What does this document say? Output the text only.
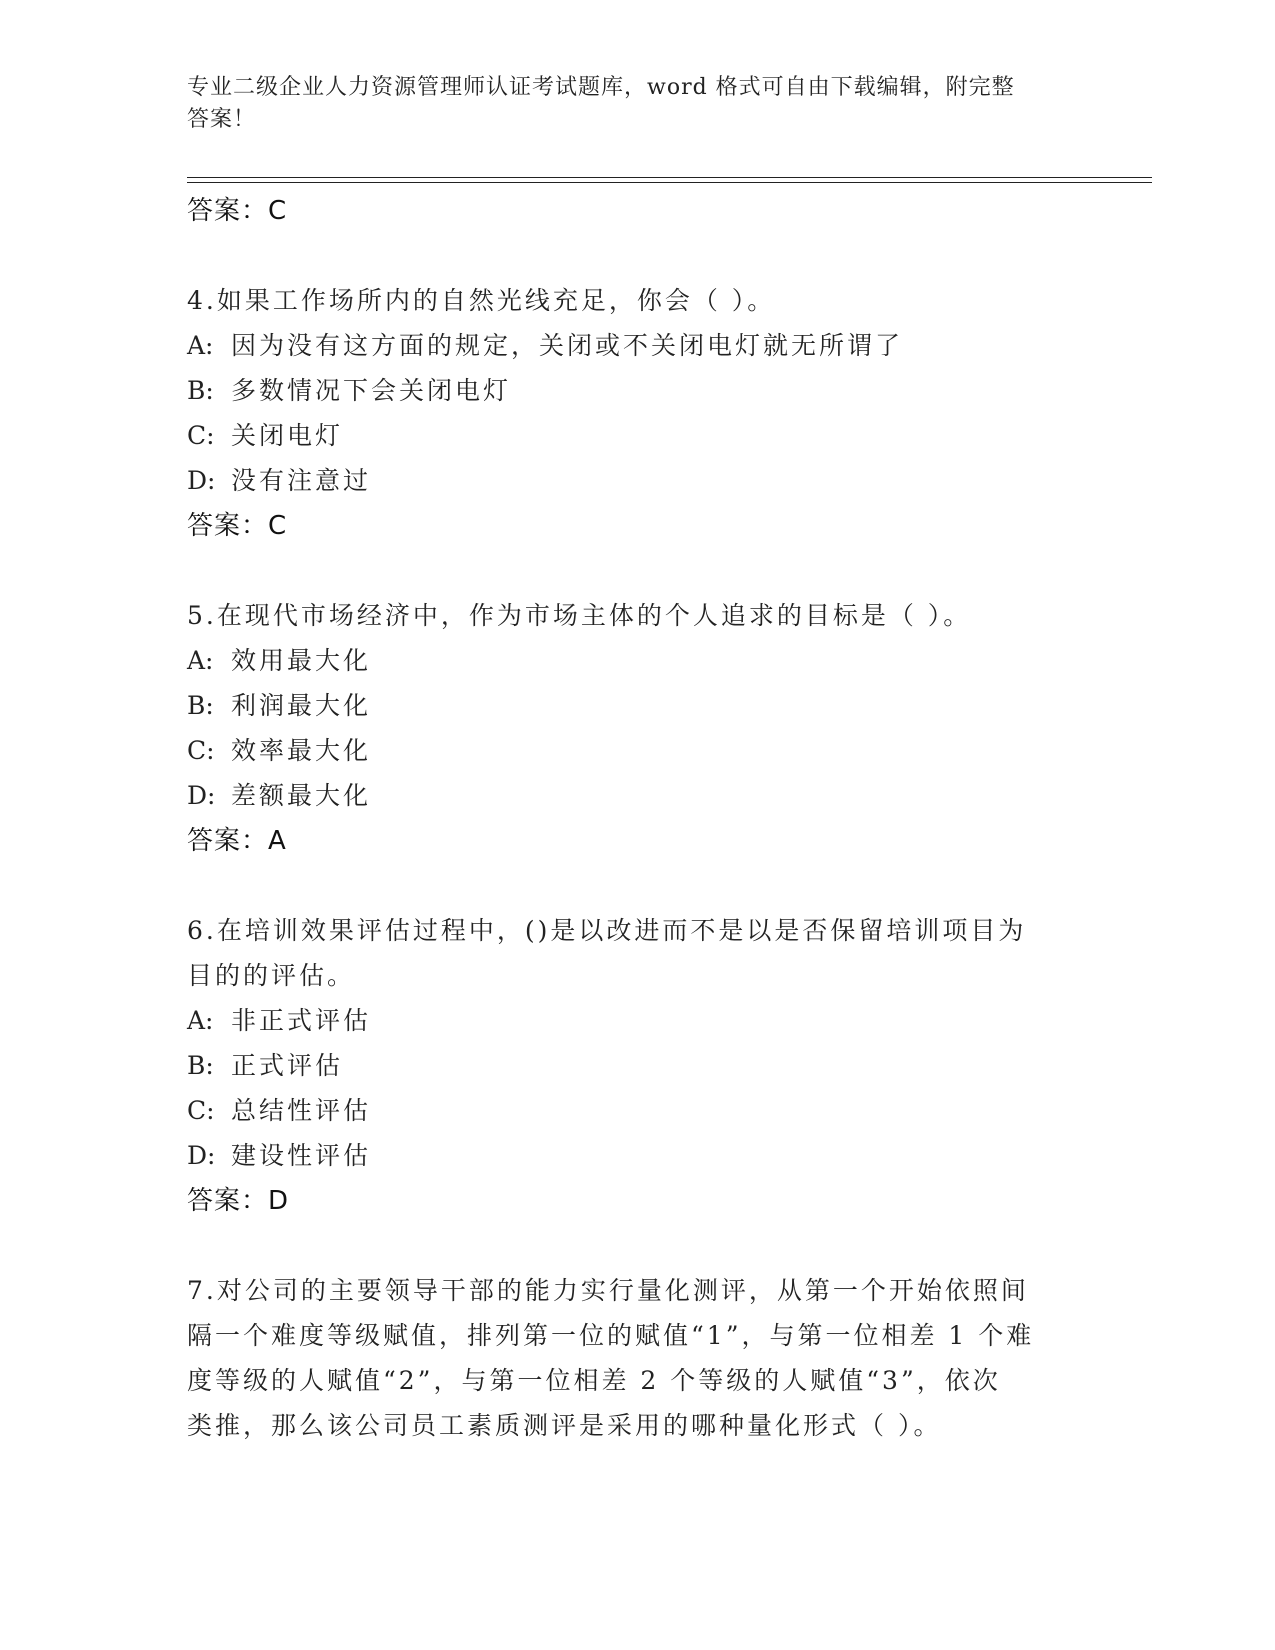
专业二级企业人力资源管理师认证考试题库，word 格式可自由下载编辑，附完整
答案！
答案：C
4.如果工作场所内的自然光线充足，你会（ ）。
A: 因为没有这方面的规定，关闭或不关闭电灯就无所谓了
B: 多数情况下会关闭电灯
C: 关闭电灯
D: 没有注意过
答案：C
5.在现代市场经济中，作为市场主体的个人追求的目标是（ ）。
A: 效用最大化
B: 利润最大化
C: 效率最大化
D: 差额最大化
答案：A
6.在培训效果评估过程中，()是以改进而不是以是否保留培训项目为
目的的评估。
A: 非正式评估
B: 正式评估
C: 总结性评估
D: 建设性评估
答案：D
7.对公司的主要领导干部的能力实行量化测评，从第一个开始依照间
隔一个难度等级赋值，排列第一位的赋值“1”，与第一位相差 1 个难
度等级的人赋值“2”，与第一位相差 2 个等级的人赋值“3”，依次
类推，那么该公司员工素质测评是采用的哪种量化形式（ ）。
